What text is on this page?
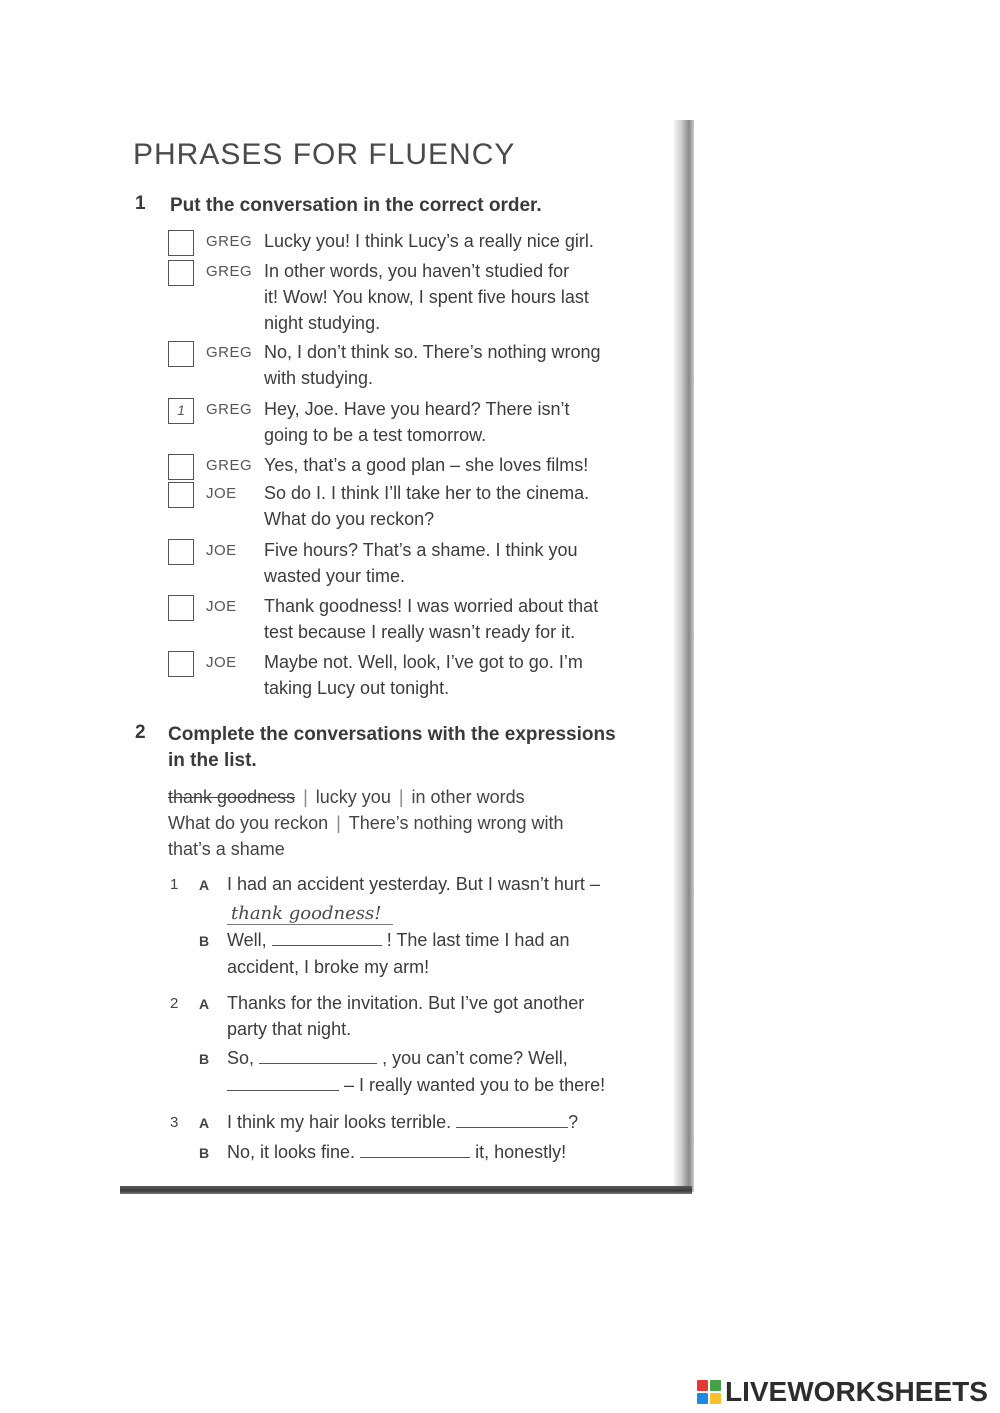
PHRASES FOR FLUENCY
1 Put the conversation in the correct order.
GREG Lucky you! I think Lucy’s a really nice girl.
GREG In other words, you haven’t studied for
it! Wow! You know, I spent five hours last
night studying.
GREG No, I don’t think so. There’s nothing wrong
with studying.
1	GREG Hey, Joe. Have you heard? There isn’t
going to be a test tomorrow.
GREG Yes, that’s a good plan – she loves films!
JOE So do I. I think I’ll take her to the cinema.
What do you reckon?
JOE Five hours? That’s a shame. I think you
wasted your time.
JOE Thank goodness! I was worried about that
test because I really wasn’t ready for it.
JOE Maybe not. Well, look, I’ve got to go. I’m
taking Lucy out tonight.
2 Complete the conversations with the expressions
in the list.
thank goodness | lucky you | in other words
What do you reckon | There’s nothing wrong with
that’s a shame
1 A I had an accident yesterday. But I wasn’t hurt –
thank goodness!
B Well,	! The last time I had an
accident, I broke my arm!
2 A Thanks for the invitation. But I’ve got another
party that night.
B So,	, you can’t come? Well,
– I really wanted you to be there!
3 A I think my hair looks terrible.	?
B No, it looks fine.	it, honestly!
LIVEWORKSHEETS
